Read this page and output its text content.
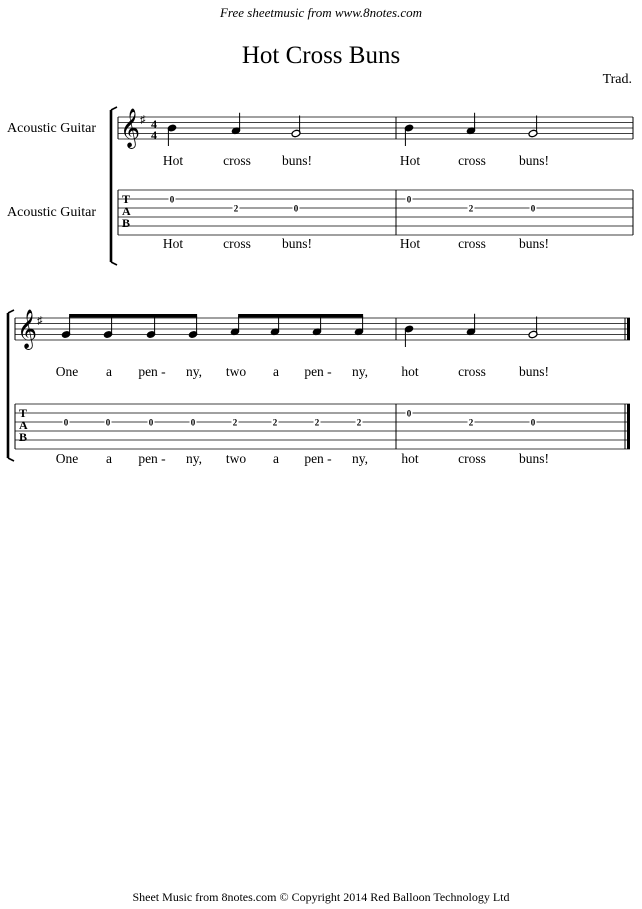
Free sheetmusic from www.8notes.com
Hot Cross Buns
Trad.
Acoustic Guitar
Acoustic Guitar
𝄞 ♯ 4
4
T
A
B
0
Hot
Hot
2
cross
cross
0
buns!
buns!
0
Hot
Hot
2
cross
cross
0
buns!
buns!
𝄞 ♯
T
A
B
0
One
One
0
a
a
0
pen -
pen -
0
ny,
ny,
2
two
two
2
a
a
2
pen -
pen -
2
ny,
ny,
0
hot
hot
2
cross
cross
0
buns!
buns!
Sheet Music from 8notes.com © Copyright 2014 Red Balloon Technology Ltd
